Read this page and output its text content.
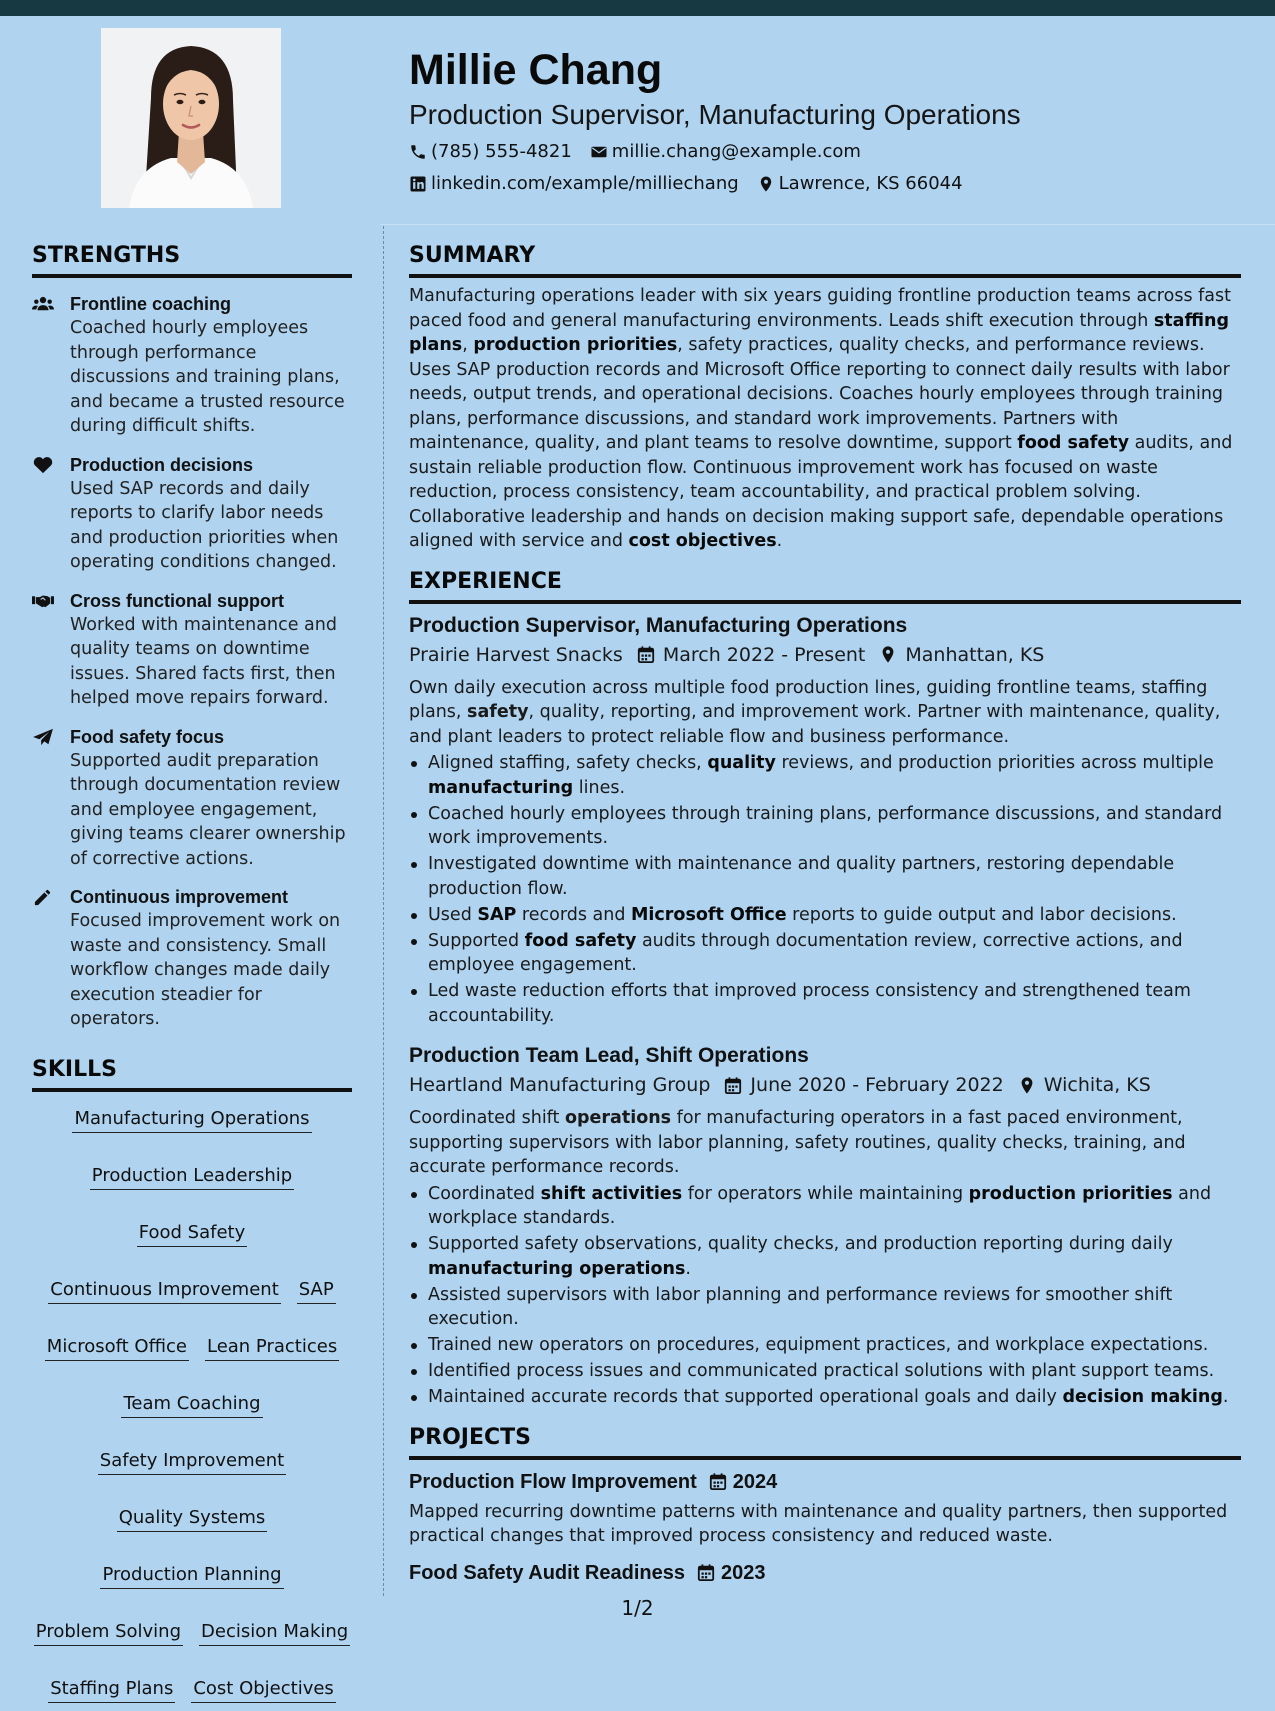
Millie Chang
Production Supervisor, Manufacturing Operations
(785) 555-4821 millie.chang@example.com
linkedin.com/example/milliechang Lawrence, KS 66044
STRENGTHS
Frontline coaching
Coached hourly employees through performance discussions and training plans, and became a trusted resource during difficult shifts.
Production decisions
Used SAP records and daily reports to clarify labor needs and production priorities when operating conditions changed.
Cross functional support
Worked with maintenance and quality teams on downtime issues. Shared facts first, then helped move repairs forward.
Food safety focus
Supported audit preparation through documentation review and employee engagement, giving teams clearer ownership of corrective actions.
Continuous improvement
Focused improvement work on waste and consistency. Small workflow changes made daily execution steadier for operators.
SKILLS
Manufacturing Operations
Production Leadership
Food Safety
Continuous Improvement SAP
Microsoft Office Lean Practices
Team Coaching
Safety Improvement
Quality Systems
Production Planning
Problem Solving Decision Making
Staffing Plans Cost Objectives
SUMMARY
Manufacturing operations leader with six years guiding frontline production teams across fast paced food and general manufacturing environments. Leads shift execution through staffing plans, production priorities, safety practices, quality checks, and performance reviews. Uses SAP production records and Microsoft Office reporting to connect daily results with labor needs, output trends, and operational decisions. Coaches hourly employees through training plans, performance discussions, and standard work improvements. Partners with maintenance, quality, and plant teams to resolve downtime, support food safety audits, and sustain reliable production flow. Continuous improvement work has focused on waste reduction, process consistency, team accountability, and practical problem solving. Collaborative leadership and hands on decision making support safe, dependable operations aligned with service and cost objectives.
EXPERIENCE
Production Supervisor, Manufacturing Operations
Prairie Harvest Snacks March 2022 - Present Manhattan, KS
Own daily execution across multiple food production lines, guiding frontline teams, staffing plans, safety, quality, reporting, and improvement work. Partner with maintenance, quality, and plant leaders to protect reliable flow and business performance.
Aligned staffing, safety checks, quality reviews, and production priorities across multiple manufacturing lines.
Coached hourly employees through training plans, performance discussions, and standard work improvements.
Investigated downtime with maintenance and quality partners, restoring dependable production flow.
Used SAP records and Microsoft Office reports to guide output and labor decisions.
Supported food safety audits through documentation review, corrective actions, and employee engagement.
Led waste reduction efforts that improved process consistency and strengthened team accountability.
Production Team Lead, Shift Operations
Heartland Manufacturing Group June 2020 - February 2022 Wichita, KS
Coordinated shift operations for manufacturing operators in a fast paced environment, supporting supervisors with labor planning, safety routines, quality checks, training, and accurate performance records.
Coordinated shift activities for operators while maintaining production priorities and workplace standards.
Supported safety observations, quality checks, and production reporting during daily manufacturing operations.
Assisted supervisors with labor planning and performance reviews for smoother shift execution.
Trained new operators on procedures, equipment practices, and workplace expectations.
Identified process issues and communicated practical solutions with plant support teams.
Maintained accurate records that supported operational goals and daily decision making.
PROJECTS
Production Flow Improvement 2024
Mapped recurring downtime patterns with maintenance and quality partners, then supported practical changes that improved process consistency and reduced waste.
Food Safety Audit Readiness 2023
1/2
